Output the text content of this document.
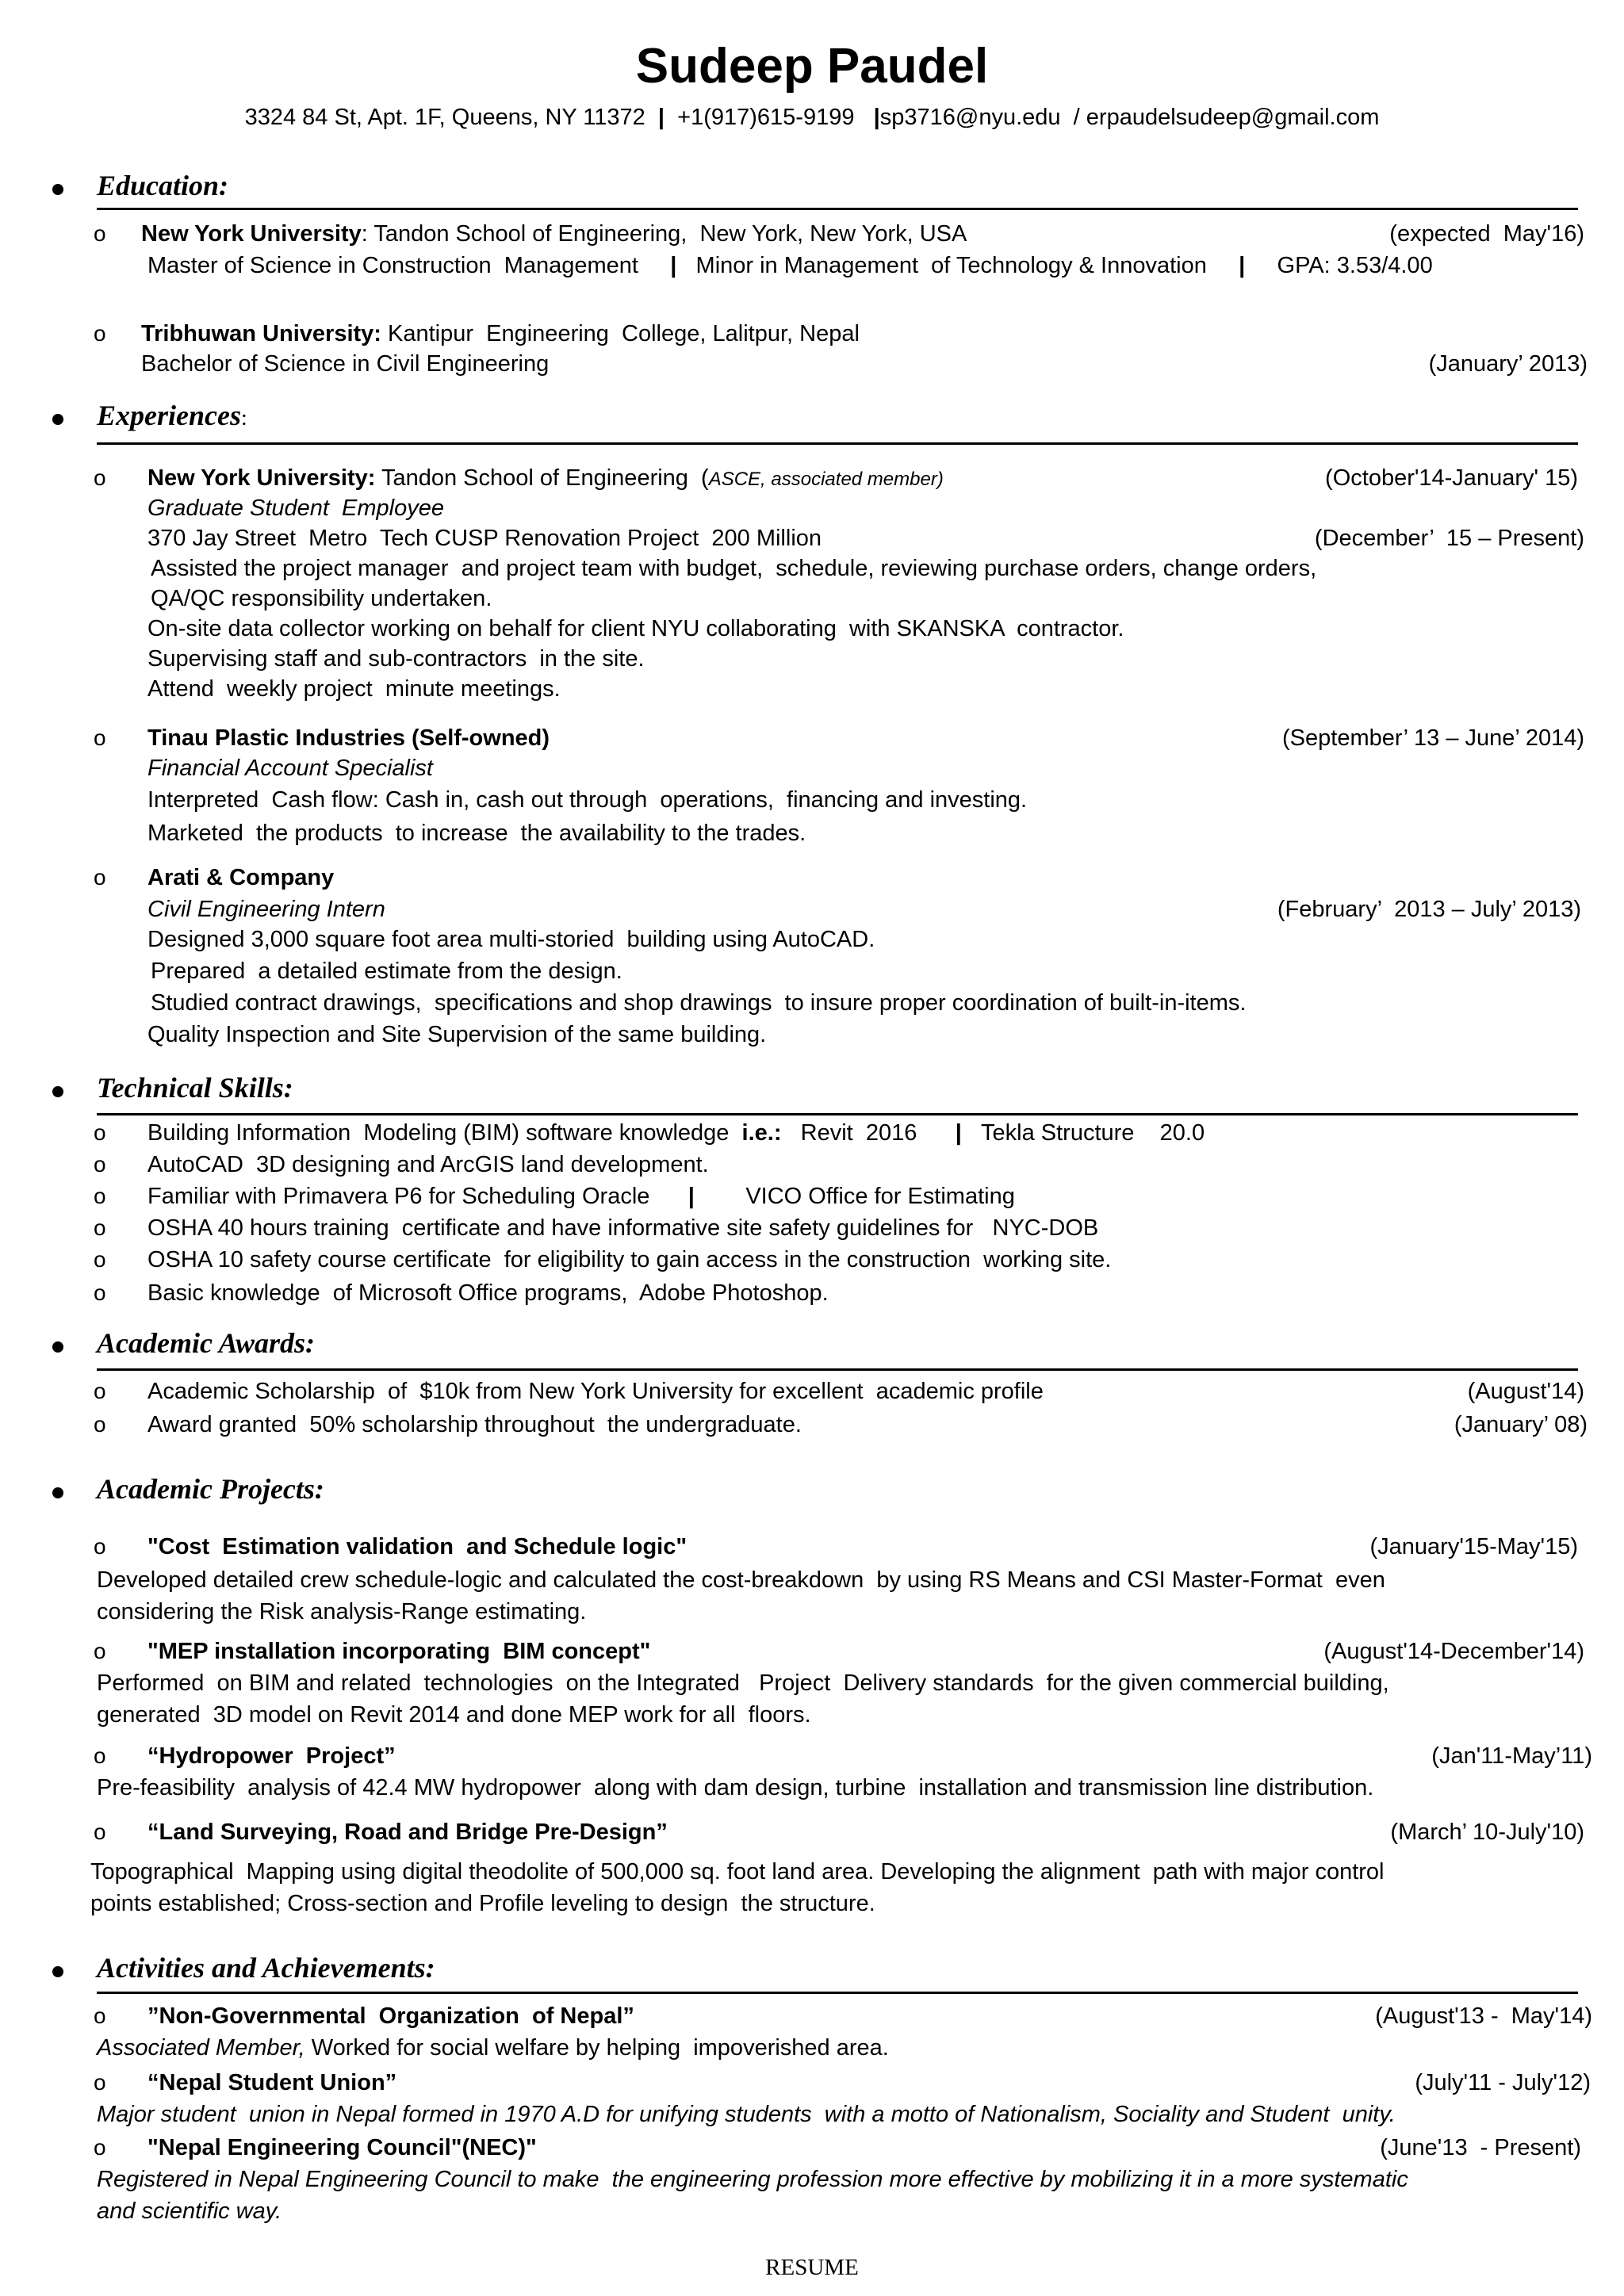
Sudeep Paudel
3324 84 St, Apt. 1F, Queens, NY 11372  |  +1(917)615-9199   |sp3716@nyu.edu / erpaudelsudeep@gmail.com
Education:
o New York University: Tandon School of Engineering,  New York, New York, USA	(expected  May'16)
Master of Science in Construction  Management     |   Minor in Management  of Technology & Innovation     |     GPA: 3.53/4.00
o Tribhuwan University: Kantipur  Engineering  College, Lalitpur, Nepal
Bachelor of Science in Civil Engineering	(January’ 2013)
Experiences:
o New York University: Tandon School of Engineering  (ASCE, associated member)	(October'14-January' 15)
Graduate Student  Employee
370 Jay Street  Metro  Tech CUSP Renovation Project  200 Million	(December’  15 – Present)
Assisted the project manager  and project team with budget,  schedule, reviewing purchase orders, change orders,
QA/QC responsibility undertaken.
On-site data collector working on behalf for client NYU collaborating  with SKANSKA  contractor.
Supervising staff and sub-contractors  in the site.
Attend  weekly project  minute meetings.
o Tinau Plastic Industries (Self-owned)	(September’ 13 – June’ 2014)
Financial Account Specialist
Interpreted  Cash flow: Cash in, cash out through  operations,  financing and investing.
Marketed  the products  to increase  the availability to the trades.
o Arati & Company
Civil Engineering Intern	(February’  2013 – July’ 2013)
Designed 3,000 square foot area multi-storied  building using AutoCAD.
Prepared  a detailed estimate from the design.
Studied contract drawings,  specifications and shop drawings  to insure proper coordination of built-in-items.
Quality Inspection and Site Supervision of the same building.
Technical Skills:
o Building Information  Modeling (BIM) software knowledge  i.e.:   Revit  2016      |   Tekla Structure    20.0
o AutoCAD  3D designing and ArcGIS land development.
o Familiar with Primavera P6 for Scheduling Oracle      |        VICO Office for Estimating
o OSHA 40 hours training  certificate and have informative site safety guidelines for   NYC-DOB
o OSHA 10 safety course certificate  for eligibility to gain access in the construction  working site.
o Basic knowledge  of Microsoft Office programs,  Adobe Photoshop.
Academic Awards:
o Academic Scholarship  of  $10k from New York University for excellent  academic profile	(August'14)
o Award granted  50% scholarship throughout  the undergraduate.	(January’ 08)
Academic Projects:
o "Cost  Estimation validation  and Schedule logic"	(January'15-May'15)
Developed detailed crew schedule-logic and calculated the cost-breakdown  by using RS Means and CSI Master-Format  even
considering the Risk analysis-Range estimating.
o "MEP installation incorporating  BIM concept"	(August'14-December'14)
Performed  on BIM and related  technologies  on the Integrated   Project  Delivery standards  for the given commercial building,
generated  3D model on Revit 2014 and done MEP work for all  floors.
o “Hydropower  Project”	(Jan'11-May’11)
Pre-feasibility  analysis of 42.4 MW hydropower  along with dam design, turbine  installation and transmission line distribution.
o “Land Surveying, Road and Bridge Pre-Design”	(March’ 10-July'10)
Topographical  Mapping using digital theodolite of 500,000 sq. foot land area. Developing the alignment  path with major control
points established; Cross-section and Profile leveling to design  the structure.
Activities and Achievements:
o ”Non-Governmental  Organization  of Nepal”	(August'13 -  May'14)
Associated Member, Worked for social welfare by helping  impoverished area.
o “Nepal Student Union”	(July'11 - July'12)
Major student  union in Nepal formed in 1970 A.D for unifying students  with a motto of Nationalism, Sociality and Student  unity.
o "Nepal Engineering Council"(NEC)"	(June'13  - Present)
Registered in Nepal Engineering Council to make  the engineering profession more effective by mobilizing it in a more systematic
and scientific way.
RESUME
